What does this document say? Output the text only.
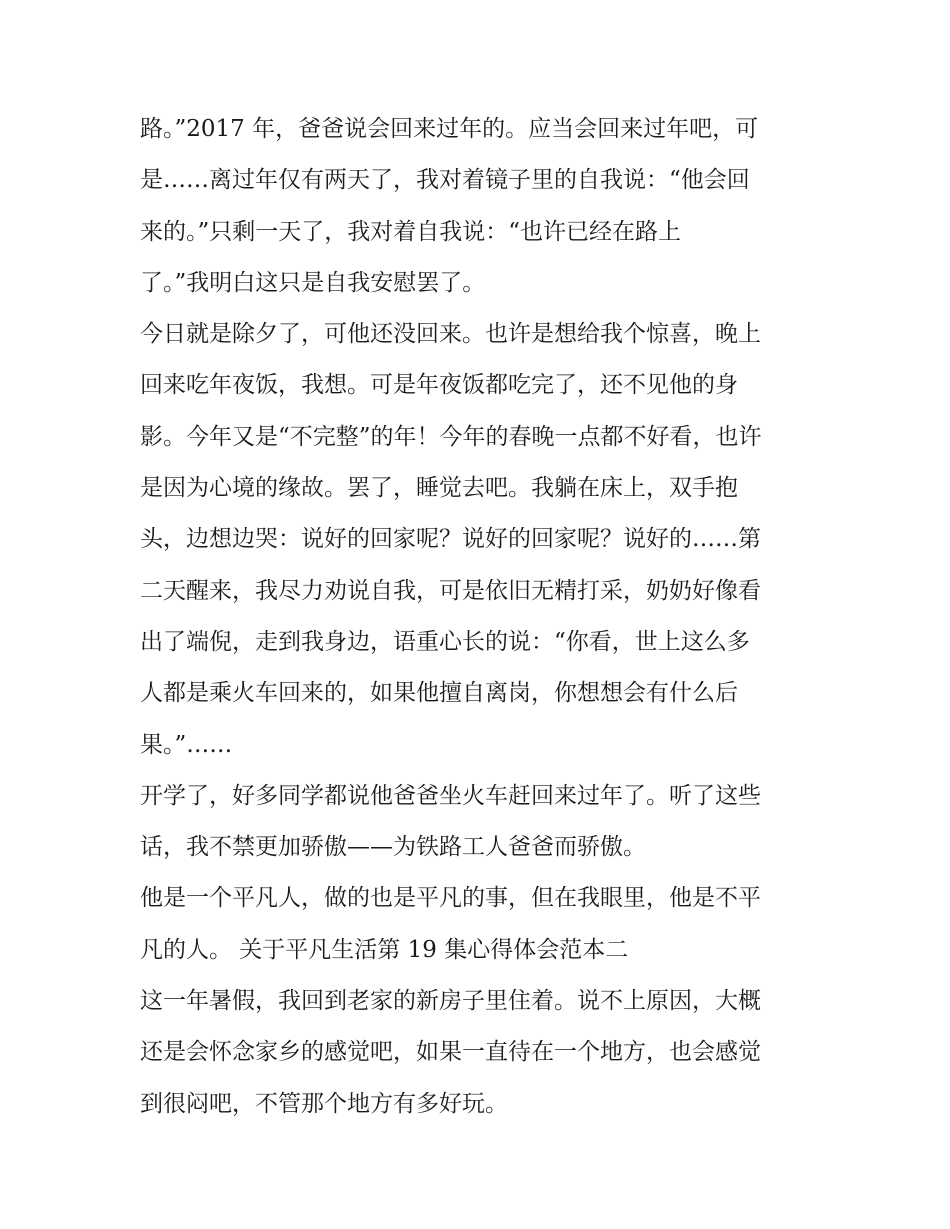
路。”2017 年，爸爸说会回来过年的。应当会回来过年吧，可
是……离过年仅有两天了，我对着镜子里的自我说：“他会回
来的。”只剩一天了，我对着自我说：“也许已经在路上
了。”我明白这只是自我安慰罢了。
今日就是除夕了，可他还没回来。也许是想给我个惊喜，晚上
回来吃年夜饭，我想。可是年夜饭都吃完了，还不见他的身
影。今年又是“不完整”的年！今年的春晚一点都不好看，也许
是因为心境的缘故。罢了，睡觉去吧。我躺在床上，双手抱
头，边想边哭：说好的回家呢？说好的回家呢？说好的……第
二天醒来，我尽力劝说自我，可是依旧无精打采，奶奶好像看
出了端倪，走到我身边，语重心长的说：“你看，世上这么多
人都是乘火车回来的，如果他擅自离岗，你想想会有什么后
果。”……
开学了，好多同学都说他爸爸坐火车赶回来过年了。听了这些
话，我不禁更加骄傲——为铁路工人爸爸而骄傲。
他是一个平凡人，做的也是平凡的事，但在我眼里，他是不平
凡的人。 关于平凡生活第 19 集心得体会范本二
这一年暑假，我回到老家的新房子里住着。说不上原因，大概
还是会怀念家乡的感觉吧，如果一直待在一个地方，也会感觉
到很闷吧，不管那个地方有多好玩。
